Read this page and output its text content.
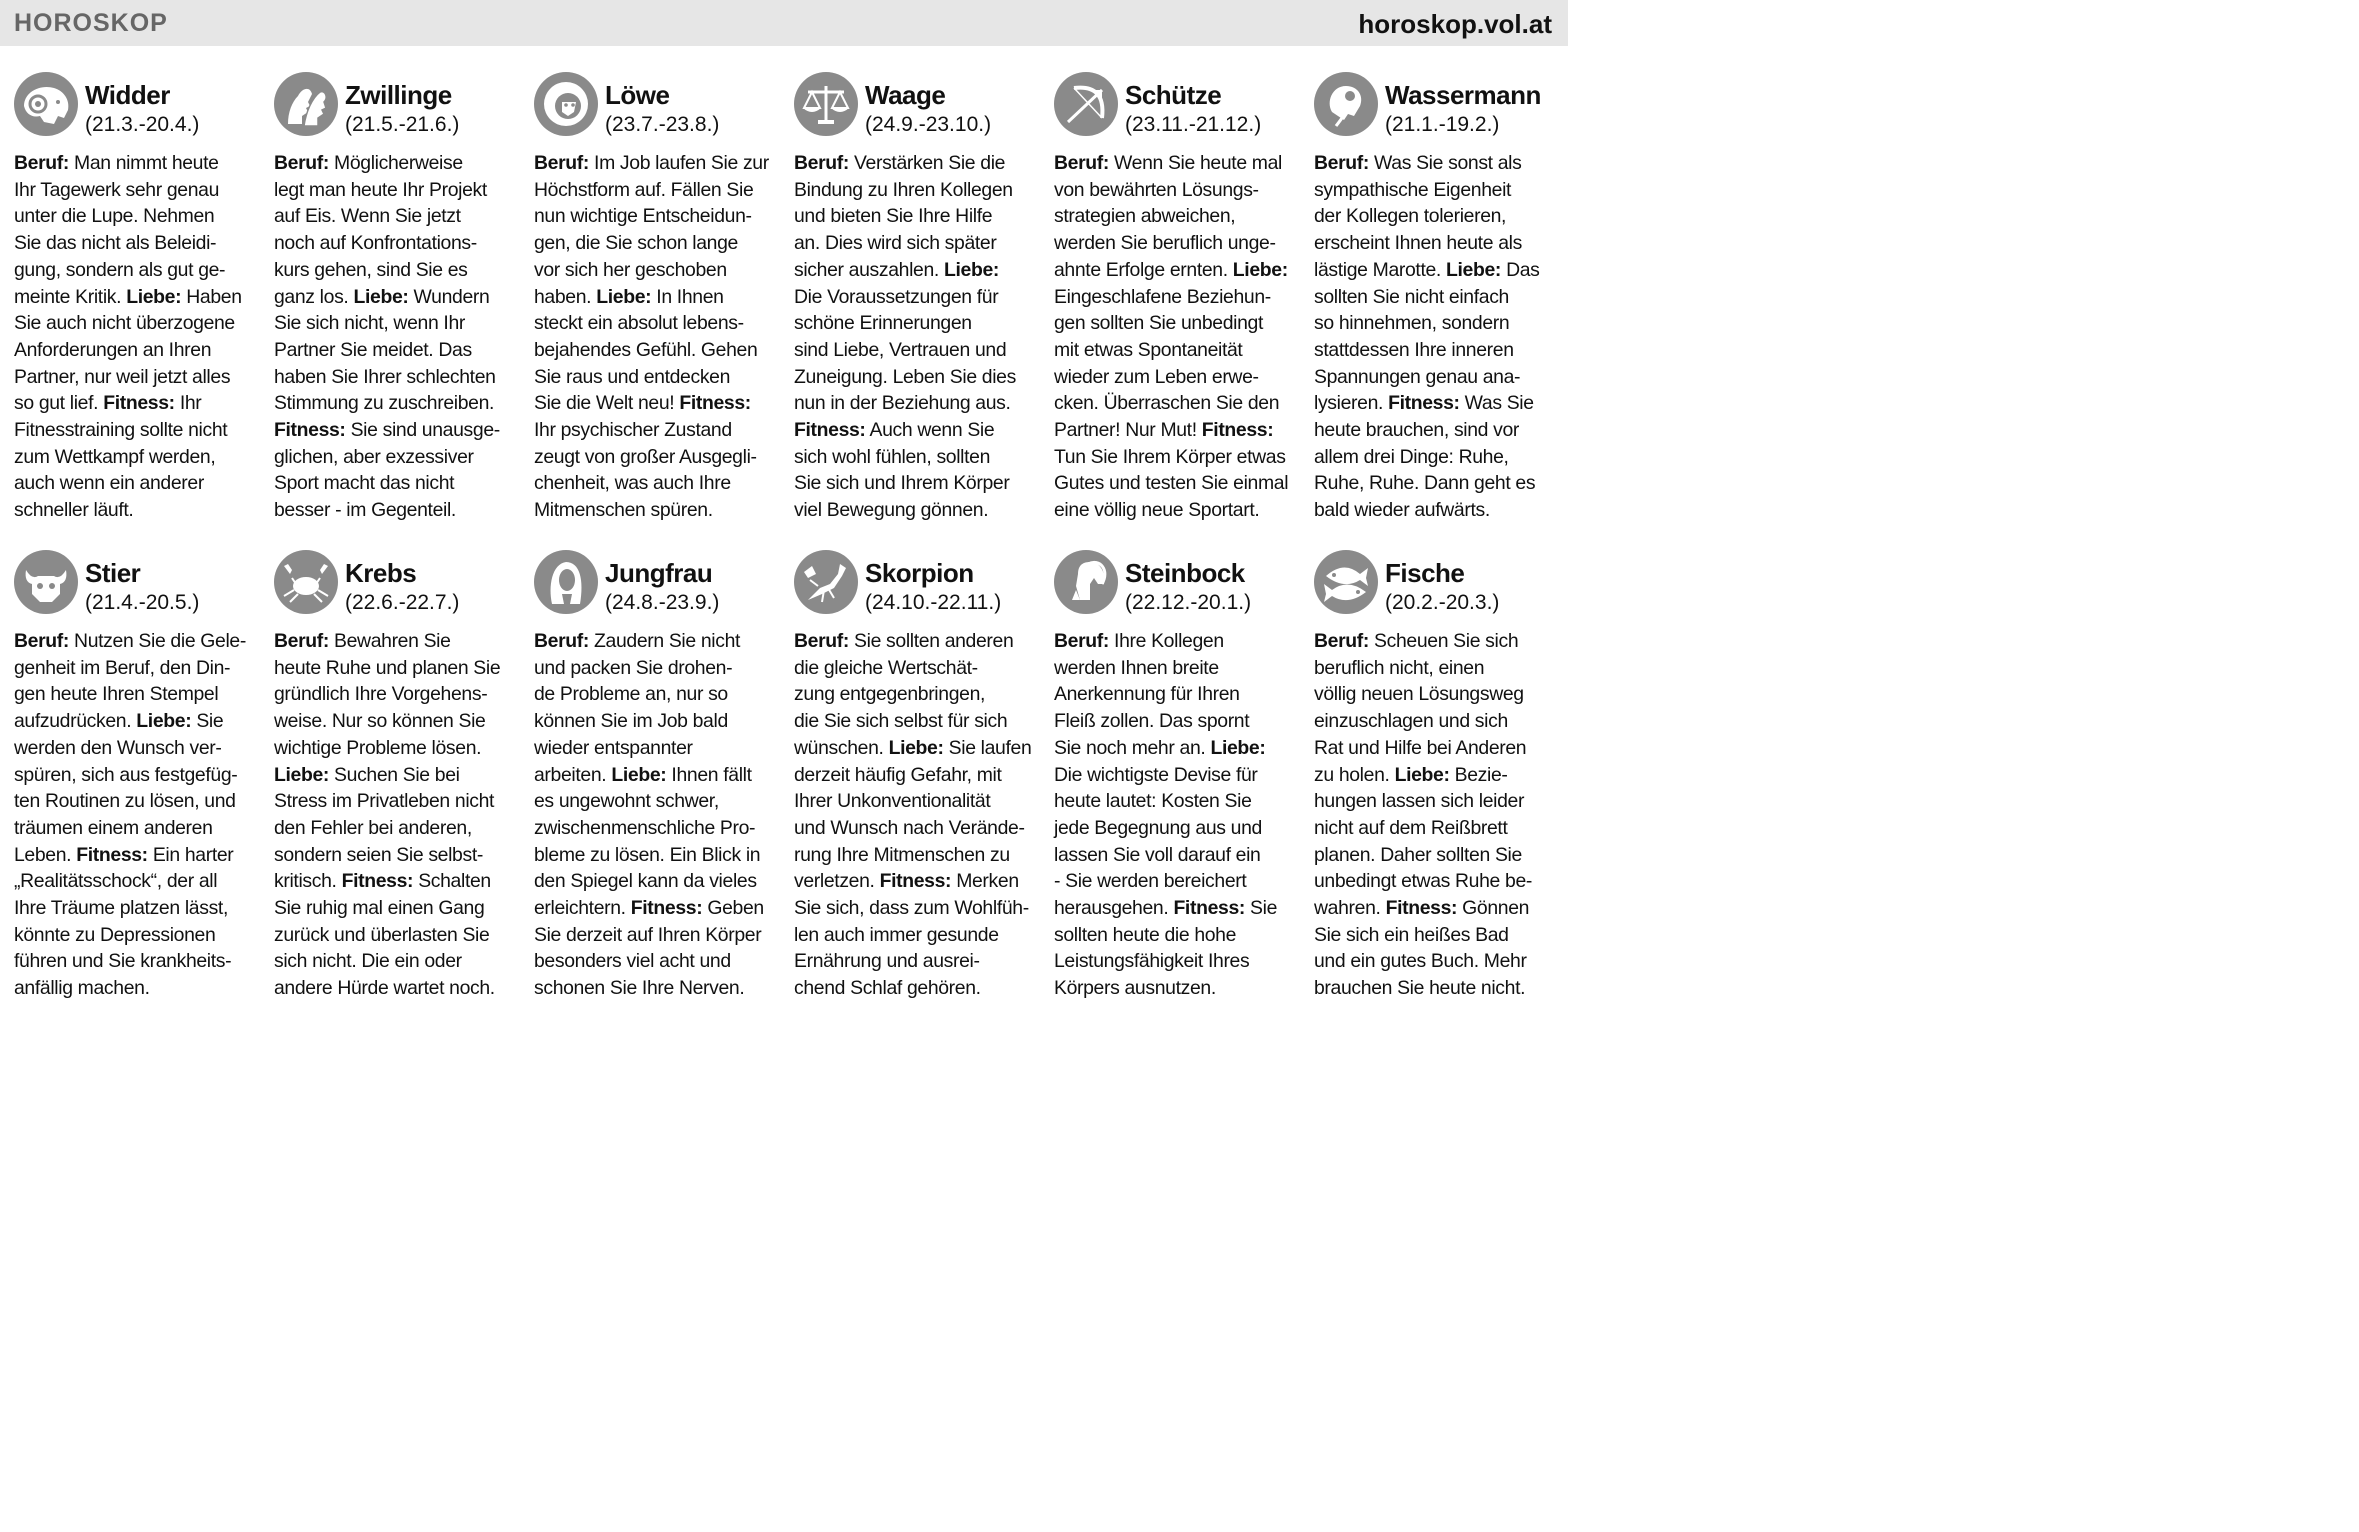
HOROSKOP	horoskop.vol.at
Widder
(21.3.-20.4.)
Beruf: Man nimmt heute
Ihr Tagewerk sehr genau
unter die Lupe. Nehmen
Sie das nicht als Beleidi-
gung, sondern als gut ge-
meinte Kritik. Liebe: Haben
Sie auch nicht überzogene
Anforderungen an Ihren
Partner, nur weil jetzt alles
so gut lief. Fitness: Ihr
Fitnesstraining sollte nicht
zum Wettkampf werden,
auch wenn ein anderer
schneller läuft.
Zwillinge
(21.5.-21.6.)
Beruf: Möglicherweise
legt man heute Ihr Projekt
auf Eis. Wenn Sie jetzt
noch auf Konfrontations-
kurs gehen, sind Sie es
ganz los. Liebe: Wundern
Sie sich nicht, wenn Ihr
Partner Sie meidet. Das
haben Sie Ihrer schlechten
Stimmung zu zuschreiben.
Fitness: Sie sind unausge-
glichen, aber exzessiver
Sport macht das nicht
besser - im Gegenteil.
Löwe
(23.7.-23.8.)
Beruf: Im Job laufen Sie zur
Höchstform auf. Fällen Sie
nun wichtige Entscheidun-
gen, die Sie schon lange
vor sich her geschoben
haben. Liebe: In Ihnen
steckt ein absolut lebens-
bejahendes Gefühl. Gehen
Sie raus und entdecken
Sie die Welt neu! Fitness:
Ihr psychischer Zustand
zeugt von großer Ausgegli-
chenheit, was auch Ihre
Mitmenschen spüren.
Waage
(24.9.-23.10.)
Beruf: Verstärken Sie die
Bindung zu Ihren Kollegen
und bieten Sie Ihre Hilfe
an. Dies wird sich später
sicher auszahlen. Liebe:
Die Voraussetzungen für
schöne Erinnerungen
sind Liebe, Vertrauen und
Zuneigung. Leben Sie dies
nun in der Beziehung aus.
Fitness: Auch wenn Sie
sich wohl fühlen, sollten
Sie sich und Ihrem Körper
viel Bewegung gönnen.
Schütze
(23.11.-21.12.)
Beruf: Wenn Sie heute mal
von bewährten Lösungs-
strategien abweichen,
werden Sie beruflich unge-
ahnte Erfolge ernten. Liebe:
Eingeschlafene Beziehun-
gen sollten Sie unbedingt
mit etwas Spontaneität
wieder zum Leben erwe-
cken. Überraschen Sie den
Partner! Nur Mut! Fitness:
Tun Sie Ihrem Körper etwas
Gutes und testen Sie einmal
eine völlig neue Sportart.
Wassermann
(21.1.-19.2.)
Beruf: Was Sie sonst als
sympathische Eigenheit
der Kollegen tolerieren,
erscheint Ihnen heute als
lästige Marotte. Liebe: Das
sollten Sie nicht einfach
so hinnehmen, sondern
stattdessen Ihre inneren
Spannungen genau ana-
lysieren. Fitness: Was Sie
heute brauchen, sind vor
allem drei Dinge: Ruhe,
Ruhe, Ruhe. Dann geht es
bald wieder aufwärts.
Stier
(21.4.-20.5.)
Beruf: Nutzen Sie die Gele-
genheit im Beruf, den Din-
gen heute Ihren Stempel
aufzudrücken. Liebe: Sie
werden den Wunsch ver-
spüren, sich aus festgefüg-
ten Routinen zu lösen, und
träumen einem anderen
Leben. Fitness: Ein harter
„Realitätsschock“, der all
Ihre Träume platzen lässt,
könnte zu Depressionen
führen und Sie krankheits-
anfällig machen.
Krebs
(22.6.-22.7.)
Beruf: Bewahren Sie
heute Ruhe und planen Sie
gründlich Ihre Vorgehens-
weise. Nur so können Sie
wichtige Probleme lösen.
Liebe: Suchen Sie bei
Stress im Privatleben nicht
den Fehler bei anderen,
sondern seien Sie selbst-
kritisch. Fitness: Schalten
Sie ruhig mal einen Gang
zurück und überlasten Sie
sich nicht. Die ein oder
andere Hürde wartet noch.
Jungfrau
(24.8.-23.9.)
Beruf: Zaudern Sie nicht
und packen Sie drohen-
de Probleme an, nur so
können Sie im Job bald
wieder entspannter
arbeiten. Liebe: Ihnen fällt
es ungewohnt schwer,
zwischenmenschliche Pro-
bleme zu lösen. Ein Blick in
den Spiegel kann da vieles
erleichtern. Fitness: Geben
Sie derzeit auf Ihren Körper
besonders viel acht und
schonen Sie Ihre Nerven.
Skorpion
(24.10.-22.11.)
Beruf: Sie sollten anderen
die gleiche Wertschät-
zung entgegenbringen,
die Sie sich selbst für sich
wünschen. Liebe: Sie laufen
derzeit häufig Gefahr, mit
Ihrer Unkonventionalität
und Wunsch nach Verände-
rung Ihre Mitmenschen zu
verletzen. Fitness: Merken
Sie sich, dass zum Wohlfüh-
len auch immer gesunde
Ernährung und ausrei-
chend Schlaf gehören.
Steinbock
(22.12.-20.1.)
Beruf: Ihre Kollegen
werden Ihnen breite
Anerkennung für Ihren
Fleiß zollen. Das spornt
Sie noch mehr an. Liebe:
Die wichtigste Devise für
heute lautet: Kosten Sie
jede Begegnung aus und
lassen Sie voll darauf ein
- Sie werden bereichert
herausgehen. Fitness: Sie
sollten heute die hohe
Leistungsfähigkeit Ihres
Körpers ausnutzen.
Fische
(20.2.-20.3.)
Beruf: Scheuen Sie sich
beruflich nicht, einen
völlig neuen Lösungsweg
einzuschlagen und sich
Rat und Hilfe bei Anderen
zu holen. Liebe: Bezie-
hungen lassen sich leider
nicht auf dem Reißbrett
planen. Daher sollten Sie
unbedingt etwas Ruhe be-
wahren. Fitness: Gönnen
Sie sich ein heißes Bad
und ein gutes Buch. Mehr
brauchen Sie heute nicht.
